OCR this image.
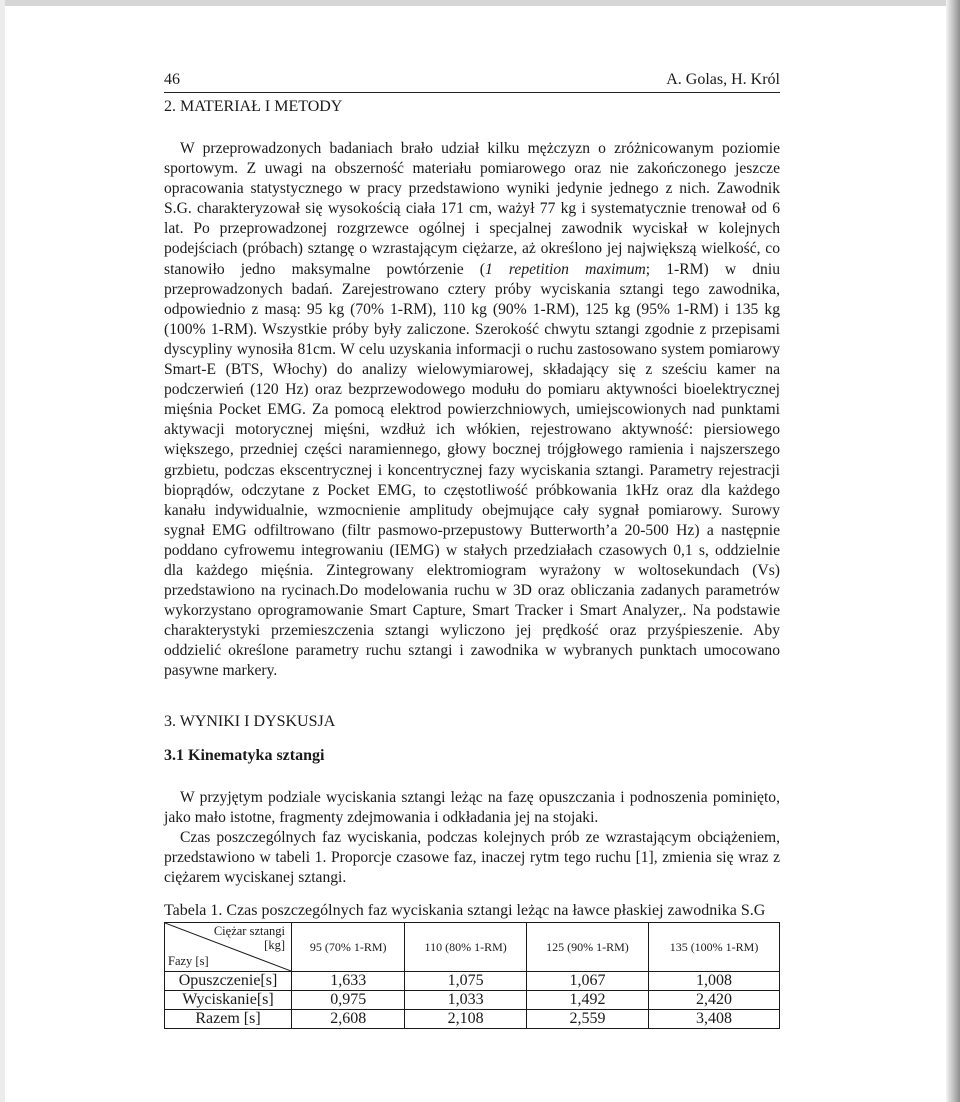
46	A. Golas, H. Król
2. MATERIAŁ I METODY

W przeprowadzonych badaniach brało udział kilku mężczyzn o zróżnicowanym poziomie sportowym. Z uwagi na obszerność materiału pomiarowego oraz nie zakończonego jeszcze opracowania statystycznego w pracy przedstawiono wyniki jedynie jednego z nich. Zawodnik S.G. charakteryzował się wysokością ciała 171 cm, ważył 77 kg i systematycznie trenował od 6 lat. Po przeprowadzonej rozgrzewce ogólnej i specjalnej zawodnik wyciskał w kolejnych podejściach (próbach) sztangę o wzrastającym ciężarze, aż określono jej największą wielkość, co stanowiło jedno maksymalne powtórzenie (1 repetition maximum; 1-RM) w dniu przeprowadzonych badań. Zarejestrowano cztery próby wyciskania sztangi tego zawodnika, odpowiednio z masą: 95 kg (70% 1-RM), 110 kg (90% 1-RM), 125 kg (95% 1-RM) i 135 kg (100% 1-RM). Wszystkie próby były zaliczone. Szerokość chwytu sztangi zgodnie z przepisami dyscypliny wynosiła 81cm. W celu uzyskania informacji o ruchu zastosowano system pomiarowy Smart-E (BTS, Włochy) do analizy wielowymiarowej, składający się z sześciu kamer na podczerwień (120 Hz) oraz bezprzewodowego modułu do pomiaru aktywności bioelektrycznej mięśnia Pocket EMG. Za pomocą elektrod powierzchniowych, umiejscowionych nad punktami aktywacji motorycznej mięśni, wzdłuż ich włókien, rejestrowano aktywność: piersiowego większego, przedniej części naramiennego, głowy bocznej trójgłowego ramienia i najszerszego grzbietu, podczas ekscentrycznej i koncentrycznej fazy wyciskania sztangi. Parametry rejestracji bioprądów, odczytane z Pocket EMG, to częstotliwość próbkowania 1kHz oraz dla każdego kanału indywidualnie, wzmocnienie amplitudy obejmujące cały sygnał pomiarowy. Surowy sygnał EMG odfiltrowano (filtr pasmowo-przepustowy Butterworth’a 20-500 Hz) a następnie poddano cyfrowemu integrowaniu (IEMG) w stałych przedziałach czasowych 0,1 s, oddzielnie dla każdego mięśnia. Zintegrowany elektromiogram wyrażony w woltosekundach (Vs) przedstawiono na rycinach.Do modelowania ruchu w 3D oraz obliczania zadanych parametrów wykorzystano oprogramowanie Smart Capture, Smart Tracker i Smart Analyzer,. Na podstawie charakterystyki przemieszczenia sztangi wyliczono jej prędkość oraz przyśpieszenie. Aby oddzielić określone parametry ruchu sztangi i zawodnika w wybranych punktach umocowano pasywne markery.

3. WYNIKI I DYSKUSJA
3.1 Kinematyka sztangi

W przyjętym podziale wyciskania sztangi leżąc na fazę opuszczania i podnoszenia pominięto, jako mało istotne, fragmenty zdejmowania i odkładania jej na stojaki.

Czas poszczególnych faz wyciskania, podczas kolejnych prób ze wzrastającym obciążeniem, przedstawiono w tabeli 1. Proporcje czasowe faz, inaczej rytm tego ruchu [1], zmienia się wraz z ciężarem wyciskanej sztangi.

Tabela 1. Czas poszczególnych faz wyciskania sztangi leżąc na ławce płaskiej zawodnika S.G
Ciężar sztangi
[kg]
Fazy [s]	95 (70% 1-RM)	110 (80% 1-RM)	125 (90% 1-RM)	135 (100% 1-RM)
Opuszczenie[s]	1,633	1,075	1,067	1,008
Wyciskanie[s]	0,975	1,033	1,492	2,420
Razem [s]	2,608	2,108	2,559	3,408
